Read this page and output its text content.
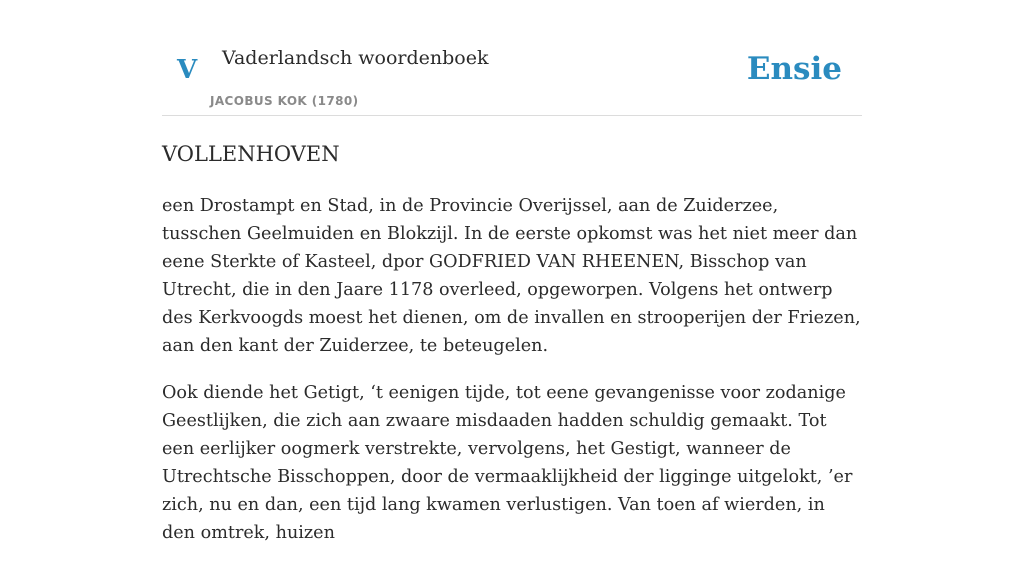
V Vaderlandsch woordenboek
JACOBUS KOK (1780)
Ensie
VOLLENHOVEN

een Drostampt en Stad, in de Provincie Overijssel, aan de Zuiderzee, tusschen Geelmuiden en Blokzijl. In de eerste opkomst was het niet meer dan eene Sterkte of Kasteel, dpor GODFRIED VAN RHEENEN, Bisschop van Utrecht, die in den Jaare 1178 overleed, opgeworpen. Volgens het ontwerp des Kerkvoogds moest het dienen, om de invallen en strooperijen der Friezen, aan den kant der Zuiderzee, te beteugelen.

Ook diende het Getigt, ‘t eenigen tijde, tot eene gevangenisse voor zodanige Geestlijken, die zich aan zwaare misdaaden hadden schuldig gemaakt. Tot een eerlijker oogmerk verstrekte, vervolgens, het Gestigt, wanneer de Utrechtsche Bisschoppen, door de vermaaklijkheid der ligginge uitgelokt, ’er zich, nu en dan, een tijd lang kwamen verlustigen. Van toen af wierden, in den omtrek, huizen
